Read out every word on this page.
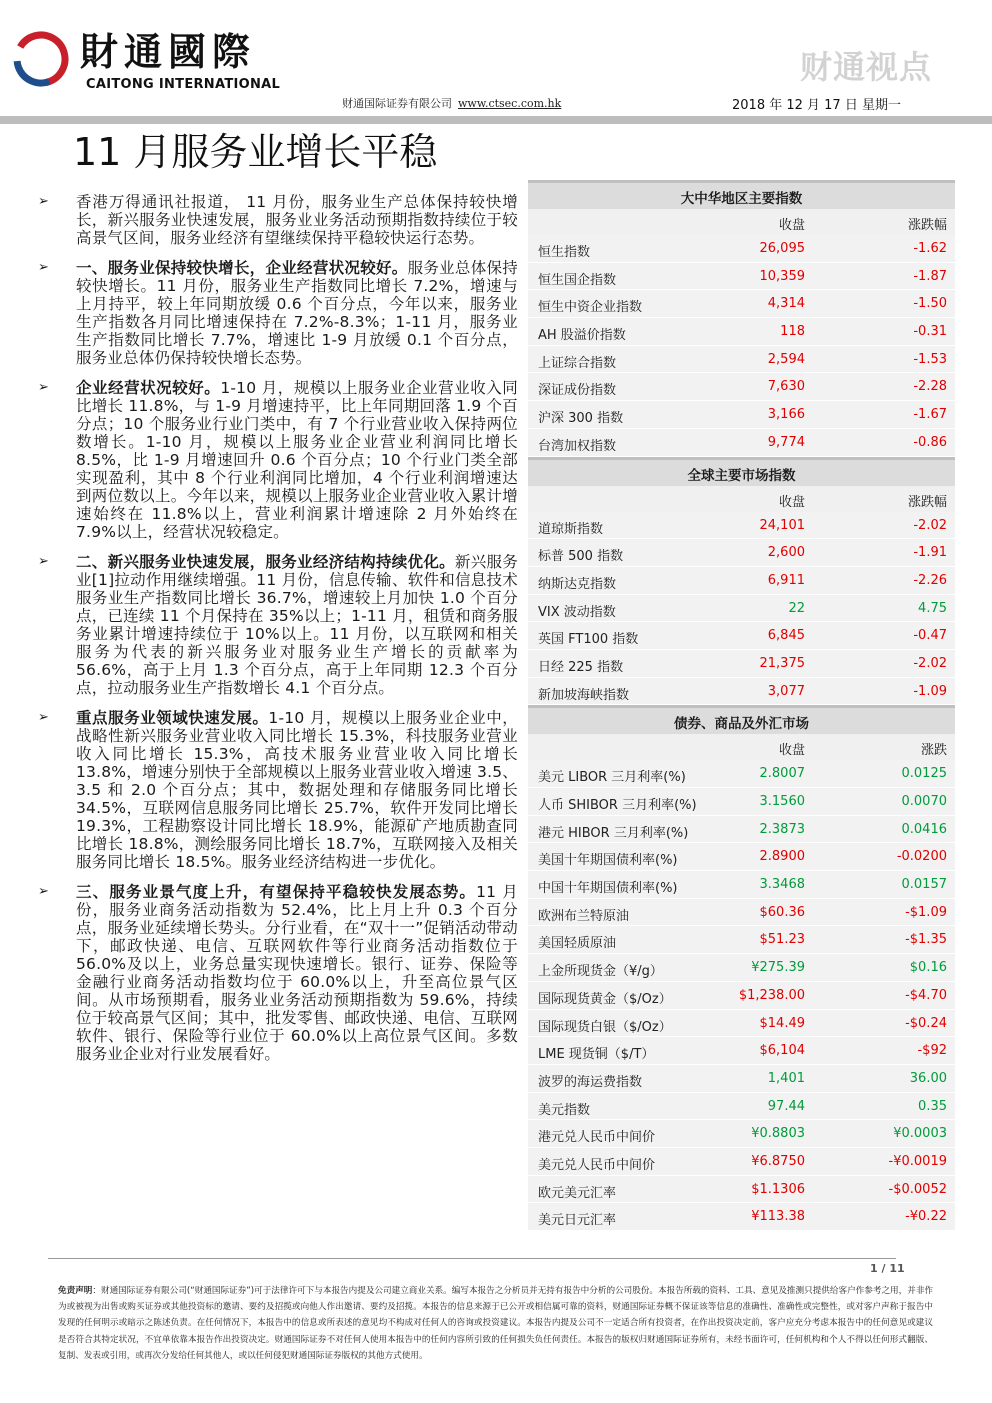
財通國際
CAITONG INTERNATIONAL	财通视点
财通国际证券有限公司 www.ctsec.com.hk	2018 年 12 月 17 日 星期一
11 月服务业增长平稳
➢ 香港万得通讯社报道， 11 月份，服务业生产总体保持较快增长，新兴服务业快速发展，服务业业务活动预期指数持续位于较高景气区间，服务业经济有望继续保持平稳较快运行态势。
➢ 一、服务业保持较快增长，企业经营状况较好。服务业总体保持较快增长。11 月份，服务业生产指数同比增长 7.2%，增速与上月持平，较上年同期放缓 0.6 个百分点，今年以来，服务业生产指数各月同比增速保持在 7.2%-8.3%；1-11 月，服务业生产指数同比增长 7.7%，增速比 1-9 月放缓 0.1 个百分点，服务业总体仍保持较快增长态势。
➢ 企业经营状况较好。1-10 月，规模以上服务业企业营业收入同比增长 11.8%，与 1-9 月增速持平，比上年同期回落 1.9 个百分点；10 个服务业行业门类中，有 7 个行业营业收入保持两位数增长。1-10 月，规模以上服务业企业营业利润同比增长 8.5%，比 1-9 月增速回升 0.6 个百分点；10 个行业门类全部实现盈利，其中 8 个行业利润同比增加，4 个行业利润增速达到两位数以上。今年以来，规模以上服务业企业营业收入累计增速始终在 11.8%以上，营业利润累计增速除 2 月外始终在 7.9%以上，经营状况较稳定。
➢ 二、新兴服务业快速发展，服务业经济结构持续优化。新兴服务业[1]拉动作用继续增强。11 月份，信息传输、软件和信息技术服务业生产指数同比增长 36.7%，增速较上月加快 1.0 个百分点，已连续 11 个月保持在 35%以上；1-11 月，租赁和商务服务业累计增速持续位于 10%以上。11 月份，以互联网和相关服务为代表的新兴服务业对服务业生产增长的贡献率为 56.6%，高于上月 1.3 个百分点，高于上年同期 12.3 个百分点，拉动服务业生产指数增长 4.1 个百分点。
➢ 重点服务业领域快速发展。1-10 月，规模以上服务业企业中，战略性新兴服务业营业收入同比增长 15.3%，科技服务业营业收入同比增长 15.3%，高技术服务业营业收入同比增长 13.8%，增速分别快于全部规模以上服务业营业收入增速 3.5、3.5 和 2.0 个百分点；其中，数据处理和存储服务同比增长 34.5%，互联网信息服务同比增长 25.7%，软件开发同比增长 19.3%，工程勘察设计同比增长 18.9%，能源矿产地质勘查同比增长 18.8%，测绘服务同比增长 18.7%，互联网接入及相关服务同比增长 18.5%。服务业经济结构进一步优化。
➢ 三、服务业景气度上升，有望保持平稳较快发展态势。11 月份，服务业商务活动指数为 52.4%，比上月上升 0.3 个百分点，服务业延续增长势头。分行业看，在“双十一”促销活动带动下，邮政快递、电信、互联网软件等行业商务活动指数位于 56.0%及以上，业务总量实现快速增长。银行、证券、保险等金融行业商务活动指数均位于 60.0%以上，升至高位景气区间。从市场预期看，服务业业务活动预期指数为 59.6%，持续位于较高景气区间；其中，批发零售、邮政快递、电信、互联网软件、银行、保险等行业位于 60.0%以上高位景气区间。多数服务业企业对行业发展看好。
大中华地区主要指数
收盘	涨跌幅
恒生指数	26,095	-1.62
恒生国企指数	10,359	-1.87
恒生中资企业指数	4,314	-1.50
AH 股溢价指数	118	-0.31
上证综合指数	2,594	-1.53
深证成份指数	7,630	-2.28
沪深 300 指数	3,166	-1.67
台湾加权指数	9,774	-0.86
全球主要市场指数
收盘	涨跌幅
道琼斯指数	24,101	-2.02
标普 500 指数	2,600	-1.91
纳斯达克指数	6,911	-2.26
VIX 波动指数	22	4.75
英国 FT100 指数	6,845	-0.47
日经 225 指数	21,375	-2.02
新加坡海峡指数	3,077	-1.09
债券、商品及外汇市场
收盘	涨跌
美元 LIBOR 三月利率(%)	2.8007	0.0125
人币 SHIBOR 三月利率(%)	3.1560	0.0070
港元 HIBOR 三月利率(%)	2.3873	0.0416
美国十年期国债利率(%)	2.8900	-0.0200
中国十年期国债利率(%)	3.3468	0.0157
欧洲布兰特原油	$60.36	-$1.09
美国轻质原油	$51.23	-$1.35
上金所现货金（¥/g）	¥275.39	$0.16
国际现货黄金（$/Oz）	$1,238.00	-$4.70
国际现货白银（$/Oz）	$14.49	-$0.24
LME 现货铜（$/T）	$6,104	-$92
波罗的海运费指数	1,401	36.00
美元指数	97.44	0.35
港元兑人民币中间价	¥0.8803	¥0.0003
美元兑人民币中间价	¥6.8750	-¥0.0019
欧元美元汇率	$1.1306	-$0.0052
美元日元汇率	¥113.38	-¥0.22
1 / 11
免责声明：财通国际证券有限公司(“财通国际证券”)可于法律许可下与本报告内提及公司建立商业关系。编写本报告之分析员并无持有报告中分析的公司股份。本报告所载的资料、工具、意见及推测只提供给客户作参考之用，并非作为或被视为出售或购买证券或其他投资标的邀请、要约及招揽或向他人作出邀请、要约及招揽。本报告的信息来源于已公开或相信属可靠的资料，财通国际证券概不保证该等信息的准确性、准确性或完整性，或对客户声称于报告中发现的任何明示或暗示之陈述负责。在任何情况下，本报告中的信息或所表述的意见均不构成对任何人的咨询或投资建议。本报告内提及公司不一定适合所有投资者，在作出投资决定前，客户应充分考虑本报告中的任何意见或建议是否符合其特定状况，不宜单依靠本报告作出投资决定。财通国际证券不对任何人使用本报告中的任何内容所引致的任何损失负任何责任。本报告的版权归财通国际证券所有，未经书面许可，任何机构和个人不得以任何形式翻版、复制、发表或引用，或再次分发给任何其他人，或以任何侵犯财通国际证券版权的其他方式使用。
